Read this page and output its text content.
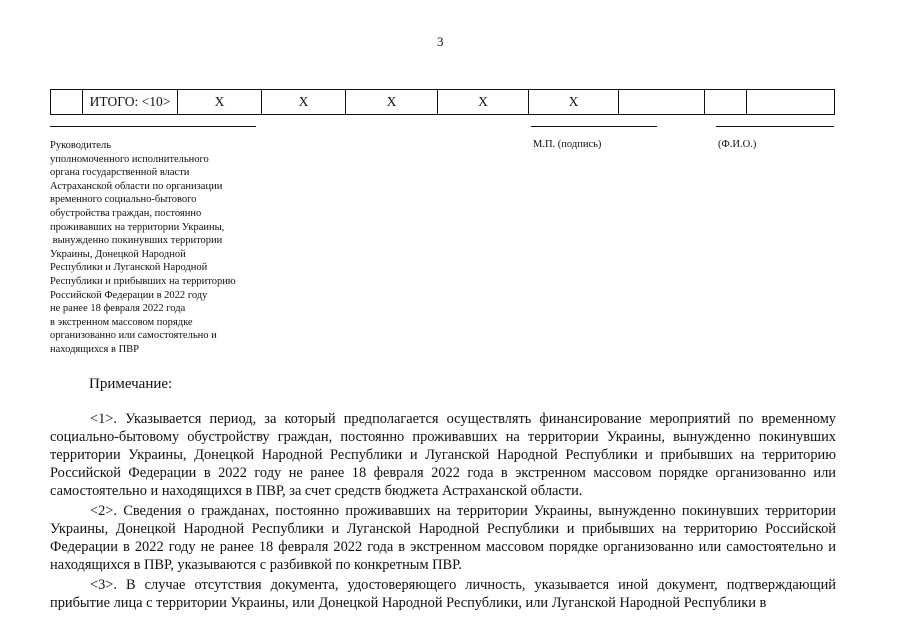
3
	ИТОГО: <10>	X	X	X	X	X			
Руководитель
уполномоченного исполнительного
органа государственной власти
Астраханской области по организации
временного социально-бытового
обустройства граждан, постоянно
проживавших на территории Украины,
вынужденно покинувших территории
Украины, Донецкой Народной
Республики и Луганской Народной
Республики и прибывших на территорию
Российской Федерации в 2022 году
не ранее 18 февраля 2022 года
в экстренном массовом порядке
организованно или самостоятельно и
находящихся в ПВР
М.П. (подпись)	(Ф.И.О.)
Примечание:

<1>. Указывается период, за который предполагается осуществлять финансирование мероприятий по временному социально-бытовому обустройству граждан, постоянно проживавших на территории Украины, вынужденно покинувших территории Украины, Донецкой Народной Республики и Луганской Народной Республики и прибывших на территорию Российской Федерации в 2022 году не ранее 18 февраля 2022 года в экстренном массовом порядке организованно или самостоятельно и находящихся в ПВР, за счет средств бюджета Астраханской области.

<2>. Сведения о гражданах, постоянно проживавших на территории Украины, вынужденно покинувших территории Украины, Донецкой Народной Республики и Луганской Народной Республики и прибывших на территорию Российской Федерации в 2022 году не ранее 18 февраля 2022 года в экстренном массовом порядке организованно или самостоятельно и находящихся в ПВР, указываются с разбивкой по конкретным ПВР.

<3>. В случае отсутствия документа, удостоверяющего личность, указывается иной документ, подтверждающий прибытие лица с территории Украины, или Донецкой Народной Республики, или Луганской Народной Республики в
